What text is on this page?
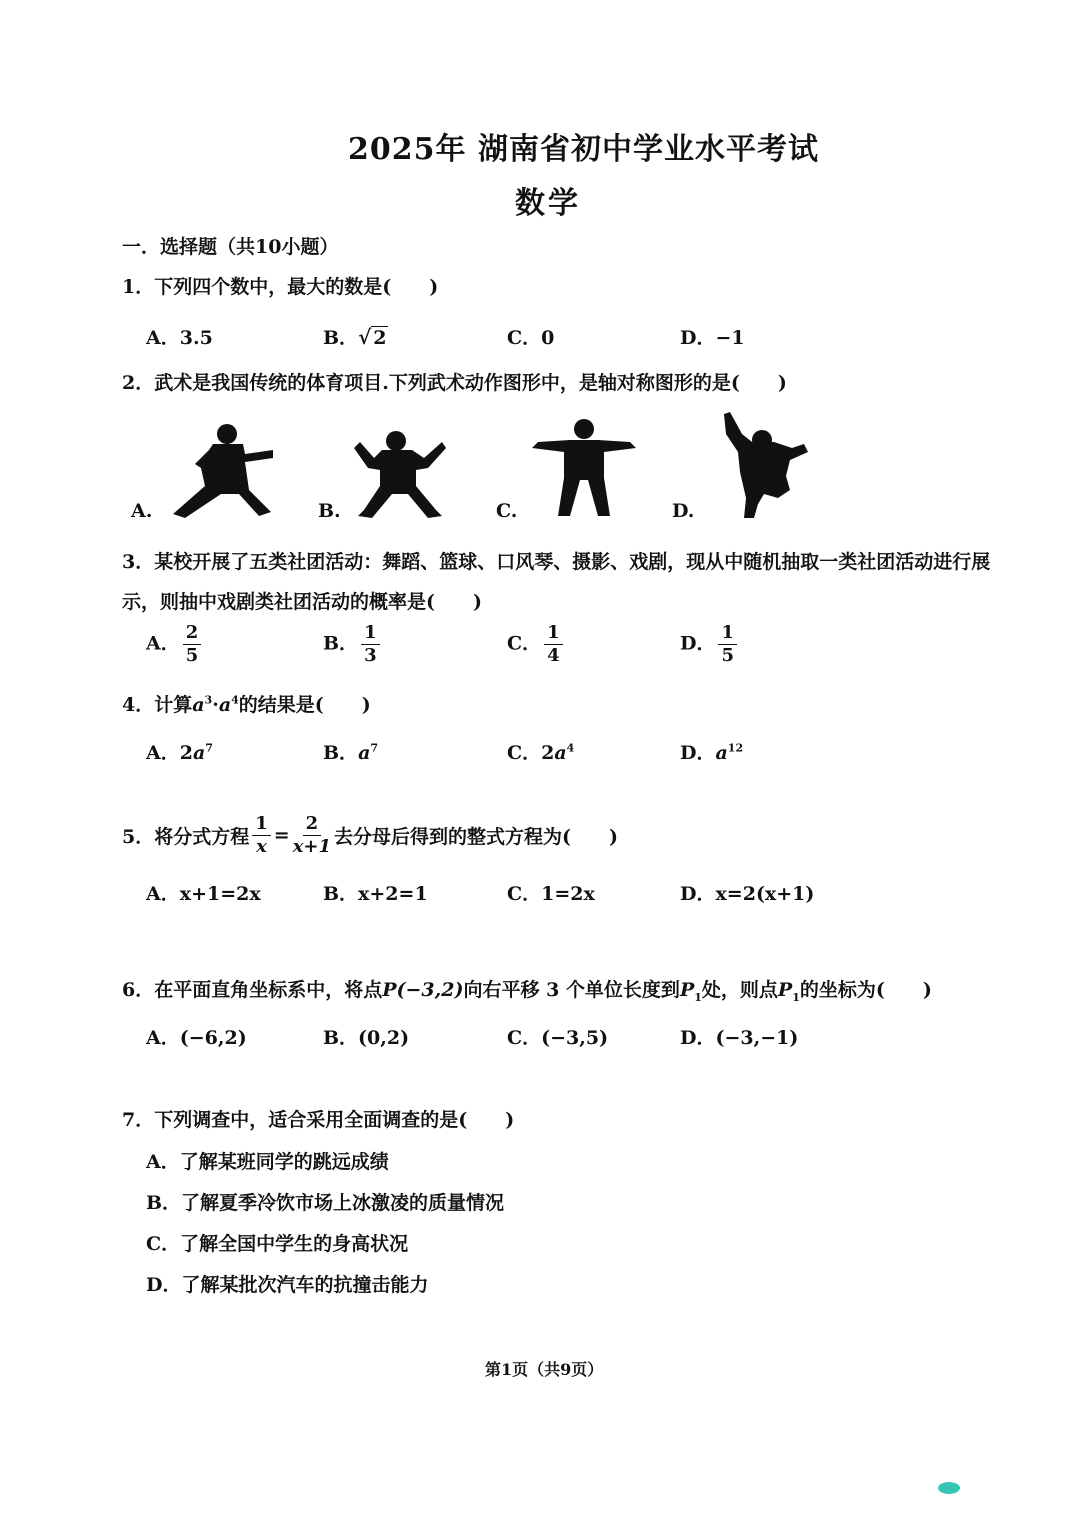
2025年 湖南省初中学业水平考试
数学
一．选择题（共10小题）
1．下列四个数中，最大的数是(　　)
A．3.5	B．√ 2	C．0	D．−1
2．武术是我国传统的体育项目.下列武术动作图形中，是轴对称图形的是(　　)
A.	B.	C.	D.
3．某校开展了五类社团活动：舞蹈、篮球、口风琴、摄影、戏剧，现从中随机抽取一类社团活动进行展
示，则抽中戏剧类社团活动的概率是(　　)
A． $\frac{2}{5}$	B． $\frac{1}{3}$	C． $\frac{1}{4}$	D． $\frac{1}{5}$
4．计算$a^3\cdot a^4$的结果是(　　)
A．$2a^7$	B．$a^7$	C．$2a^4$	D．$a^{12}$
5．将分式方程 $\frac{1}{x} = \frac{2}{x+1}$ 去分母后得到的整式方程为(　　)
A．x+1=2x	B．x+2=1	C．1=2x	D．x=2(x+1)
6．在平面直角坐标系中，将点P(−3,2)向右平移 3 个单位长度到$P_1$处，则点$P_1$的坐标为(　　)
A．(−6,2)	B．(0,2)	C．(−3,5)	D．(−3,−1)
7．下列调查中，适合采用全面调查的是(　　)
A．了解某班同学的跳远成绩
B．了解夏季冷饮市场上冰激凌的质量情况
C．了解全国中学生的身高状况
D．了解某批次汽车的抗撞击能力
第1页（共9页）
